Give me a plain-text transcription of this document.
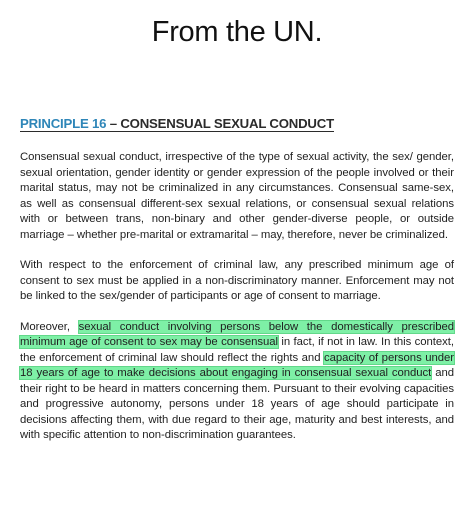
From the UN.
PRINCIPLE 16 – CONSENSUAL SEXUAL CONDUCT

Consensual sexual conduct, irrespective of the type of sexual activity, the sex/ gender, sexual orientation, gender identity or gender expression of the people involved or their marital status, may not be criminalized in any circumstances. Consensual same-sex, as well as consensual different-sex sexual relations, or consensual sexual relations with or between trans, non-binary and other gender-diverse people, or outside marriage – whether pre-marital or extramarital – may, therefore, never be criminalized.

With respect to the enforcement of criminal law, any prescribed minimum age of consent to sex must be applied in a non-discriminatory manner. Enforcement may not be linked to the sex/gender of participants or age of consent to marriage.

Moreover, sexual conduct involving persons below the domestically prescribed minimum age of consent to sex may be consensual in fact, if not in law. In this context, the enforcement of criminal law should reflect the rights and capacity of persons under 18 years of age to make decisions about engaging in consensual sexual conduct and their right to be heard in matters concerning them. Pursuant to their evolving capacities and progressive autonomy, persons under 18 years of age should participate in decisions affecting them, with due regard to their age, maturity and best interests, and with specific attention to non-discrimination guarantees.
